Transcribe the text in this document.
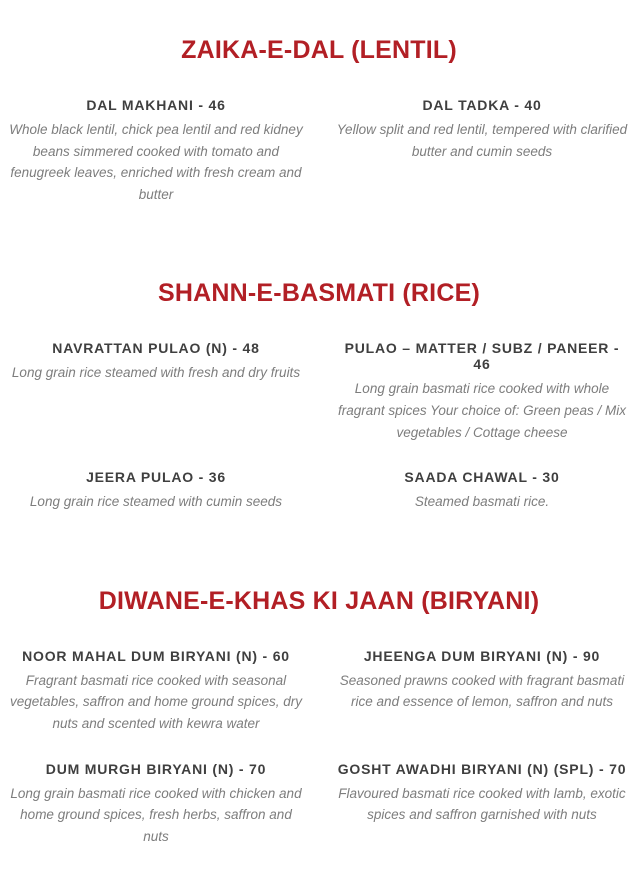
ZAIKA-E-DAL (LENTIL)
DAL MAKHANI - 46

Whole black lentil, chick pea lentil and red kidney beans simmered cooked with tomato and fenugreek leaves, enriched with fresh cream and butter

DAL TADKA - 40

Yellow split and red lentil, tempered with clarified butter and cumin seeds

SHANN-E-BASMATI (RICE)
NAVRATTAN PULAO (N) - 48

Long grain rice steamed with fresh and dry fruits

PULAO – MATTER / SUBZ / PANEER - 46

Long grain basmati rice cooked with whole fragrant spices Your choice of: Green peas / Mix vegetables / Cottage cheese

JEERA PULAO - 36

Long grain rice steamed with cumin seeds

SAADA CHAWAL - 30

Steamed basmati rice.

DIWANE-E-KHAS KI JAAN (BIRYANI)
NOOR MAHAL DUM BIRYANI (N) - 60

Fragrant basmati rice cooked with seasonal vegetables, saffron and home ground spices, dry nuts and scented with kewra water

JHEENGA DUM BIRYANI (N) - 90

Seasoned prawns cooked with fragrant basmati rice and essence of lemon, saffron and nuts

DUM MURGH BIRYANI (N) - 70

Long grain basmati rice cooked with chicken and home ground spices, fresh herbs, saffron and nuts

GOSHT AWADHI BIRYANI (N) (SPL) - 70

Flavoured basmati rice cooked with lamb, exotic spices and saffron garnished with nuts
